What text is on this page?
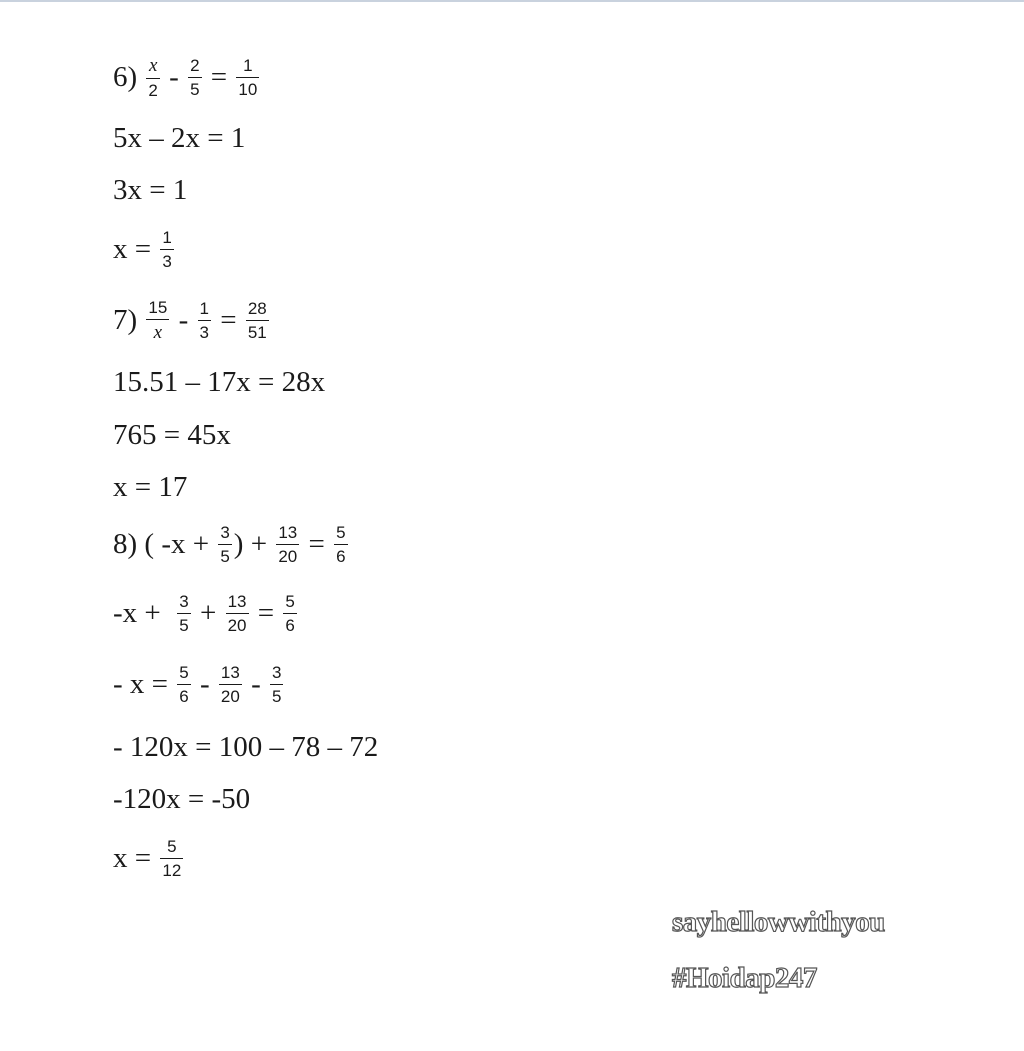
$6) \frac{x}{2} - \frac{2}{5} = \frac{1}{10}$
5x – 2x = 1
3x = 1
$x = \frac{1}{3}$
$7) \frac{15}{x} - \frac{1}{3} = \frac{28}{51}$
15.51 – 17x = 28x
765 = 45x
x = 17
8) ( $-x + \frac{3}{5}$ ) + $\frac{13}{20} = \frac{5}{6}$
$-x + \frac{3}{5} + \frac{13}{20} = \frac{5}{6}$
- $x = \frac{5}{6} - \frac{13}{20} - \frac{3}{5}$
- 120x = 100 – 78 – 72
-120x = -50
$x = \frac{5}{12}$
sayhellowwithyou
#Hoidap247
